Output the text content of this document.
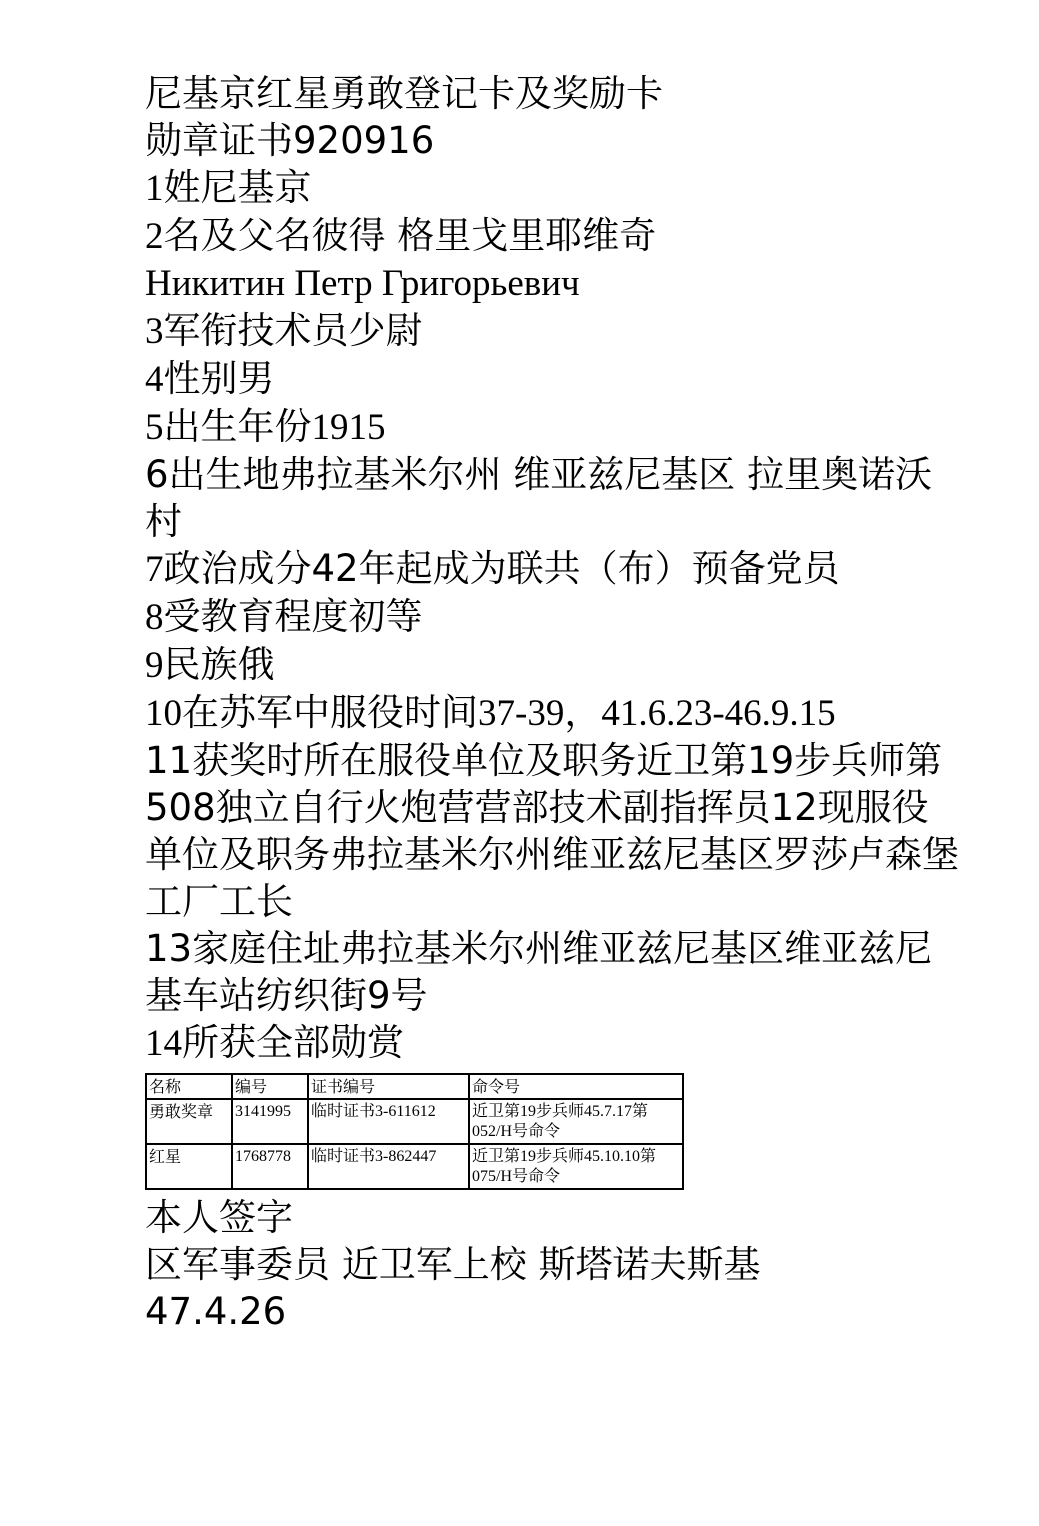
尼基京红星勇敢登记卡及奖励卡
勋章证书920916
1姓尼基京
2名及父名彼得 格里戈里耶维奇
Никитин Петр Григорьевич
3军衔技术员少尉
4性别男
5出生年份1915
6出生地弗拉基米尔州 维亚兹尼基区 拉里奥诺沃村
7政治成分42年起成为联共（布）预备党员
8受教育程度初等
9民族俄
10在苏军中服役时间37-39，41.6.23-46.9.15
11获奖时所在服役单位及职务近卫第19步兵师第508独立自行火炮营营部技术副指挥员12现服役单位及职务弗拉基米尔州维亚兹尼基区罗莎卢森堡工厂工长
13家庭住址弗拉基米尔州维亚兹尼基区维亚兹尼基车站纺织街9号
14所获全部勋赏
名称	编号	证书编号	命令号
勇敢奖章	3141995	临时证书3-611612	近卫第19步兵师45.7.17第052/H号命令
红星	1768778	临时证书3-862447	近卫第19步兵师45.10.10第075/H号命令
本人签字
区军事委员 近卫军上校 斯塔诺夫斯基
47.4.26
